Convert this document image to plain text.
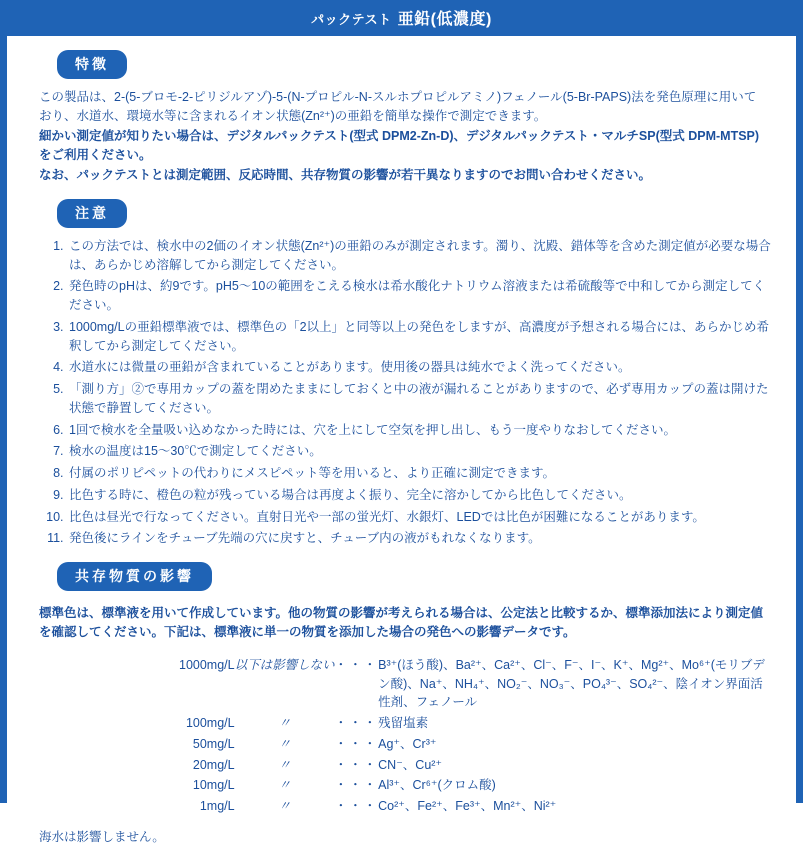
パックテスト 亜鉛(低濃度)
特徴

この製品は、2-(5-ブロモ-2-ピリジルアゾ)-5-(N-プロピル-N-スルホプロピルアミノ)フェノール(5-Br-PAPS)法を発色原理に用いており、水道水、環境水等に含まれるイオン状態(Zn²⁺)の亜鉛を簡単な操作で測定できます。

細かい測定値が知りたい場合は、デジタルパックテスト(型式 DPM2-Zn-D)、デジタルパックテスト・マルチSP(型式 DPM-MTSP)をご利用ください。

なお、パックテストとは測定範囲、反応時間、共存物質の影響が若干異なりますのでお問い合わせください。

注意
1. この方法では、検水中の2価のイオン状態(Zn²⁺)の亜鉛のみが測定されます。濁り、沈殿、錯体等を含めた測定値が必要な場合は、あらかじめ溶解してから測定してください。
2. 発色時のpHは、約9です。pH5〜10の範囲をこえる検水は希水酸化ナトリウム溶液または希硫酸等で中和してから測定してください。
3. 1000mg/Lの亜鉛標準液では、標準色の「2以上」と同等以上の発色をしますが、高濃度が予想される場合には、あらかじめ希釈してから測定してください。
4. 水道水には微量の亜鉛が含まれていることがあります。使用後の器具は純水でよく洗ってください。
5. 「測り方」②で専用カップの蓋を閉めたままにしておくと中の液が漏れることがありますので、必ず専用カップの蓋は開けた状態で静置してください。
6. 1回で検水を全量吸い込めなかった時には、穴を上にして空気を押し出し、もう一度やりなおしてください。
7. 検水の温度は15〜30℃で測定してください。
8. 付属のポリピペットの代わりにメスピペット等を用いると、より正確に測定できます。
9. 比色する時に、橙色の粒が残っている場合は再度よく振り、完全に溶かしてから比色してください。
10. 比色は昼光で行なってください。直射日光や一部の蛍光灯、水銀灯、LEDでは比色が困難になることがあります。
11. 発色後にラインをチューブ先端の穴に戻すと、チューブ内の液がもれなくなります。
共存物質の影響

標準色は、標準液を用いて作成しています。他の物質の影響が考えられる場合は、公定法と比較するか、標準添加法により測定値を確認してください。下記は、標準液に単一の物質を添加した場合の発色への影響データです。

1000mg/L	以下は影響しない	・・・	B³⁺(ほう酸)、Ba²⁺、Ca²⁺、Cl⁻、F⁻、I⁻、K⁺、Mg²⁺、Mo⁶⁺(モリブデン酸)、Na⁺、NH₄⁺、NO₂⁻、NO₃⁻、PO₄³⁻、SO₄²⁻、陰イオン界面活性剤、フェノール
100mg/L	〃	・・・	残留塩素
50mg/L	〃	・・・	Ag⁺、Cr³⁺
20mg/L	〃	・・・	CN⁻、Cu²⁺
10mg/L	〃	・・・	Al³⁺、Cr⁶⁺(クロム酸)
1mg/L	〃	・・・	Co²⁺、Fe²⁺、Fe³⁺、Mn²⁺、Ni²⁺

海水は影響しません。
